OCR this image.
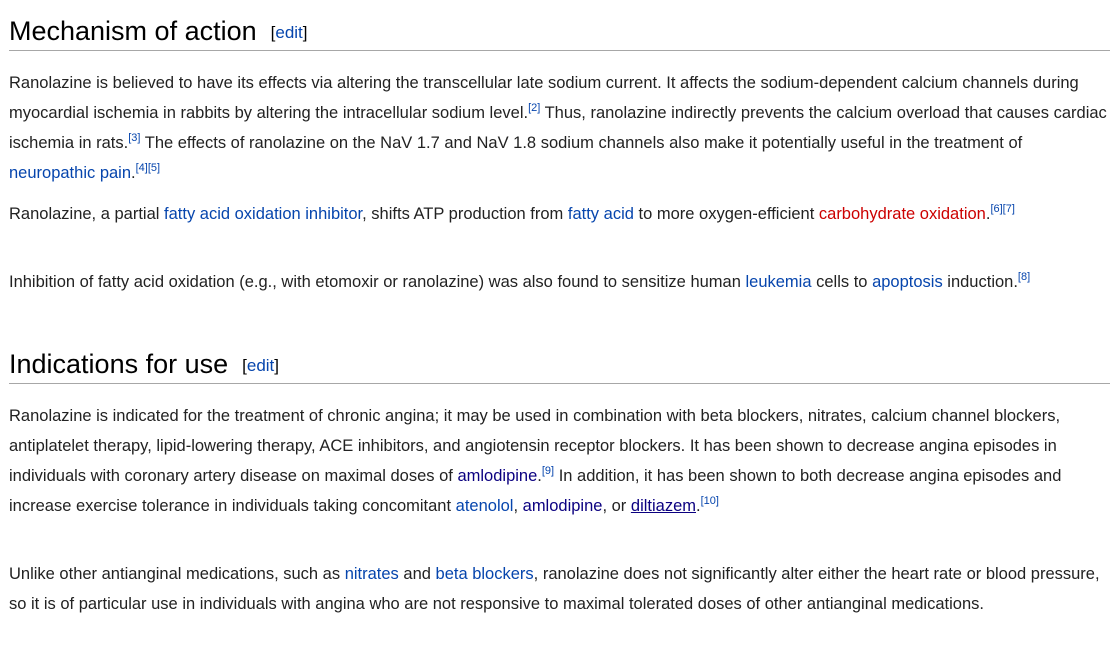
Mechanism of action [edit]

Ranolazine is believed to have its effects via altering the transcellular late sodium current. It affects the sodium-dependent calcium channels during myocardial ischemia in rabbits by altering the intracellular sodium level.[2] Thus, ranolazine indirectly prevents the calcium overload that causes cardiac ischemia in rats.[3] The effects of ranolazine on the NaV 1.7 and NaV 1.8 sodium channels also make it potentially useful in the treatment of neuropathic pain.[4][5]

Ranolazine, a partial fatty acid oxidation inhibitor, shifts ATP production from fatty acid to more oxygen-efficient carbohydrate oxidation.[6][7]

Inhibition of fatty acid oxidation (e.g., with etomoxir or ranolazine) was also found to sensitize human leukemia cells to apoptosis induction.[8]

Indications for use [edit]

Ranolazine is indicated for the treatment of chronic angina; it may be used in combination with beta blockers, nitrates, calcium channel blockers, antiplatelet therapy, lipid-lowering therapy, ACE inhibitors, and angiotensin receptor blockers. It has been shown to decrease angina episodes in individuals with coronary artery disease on maximal doses of amlodipine.[9] In addition, it has been shown to both decrease angina episodes and increase exercise tolerance in individuals taking concomitant atenolol, amlodipine, or diltiazem.[10]

Unlike other antianginal medications, such as nitrates and beta blockers, ranolazine does not significantly alter either the heart rate or blood pressure, so it is of particular use in individuals with angina who are not responsive to maximal tolerated doses of other antianginal medications.
